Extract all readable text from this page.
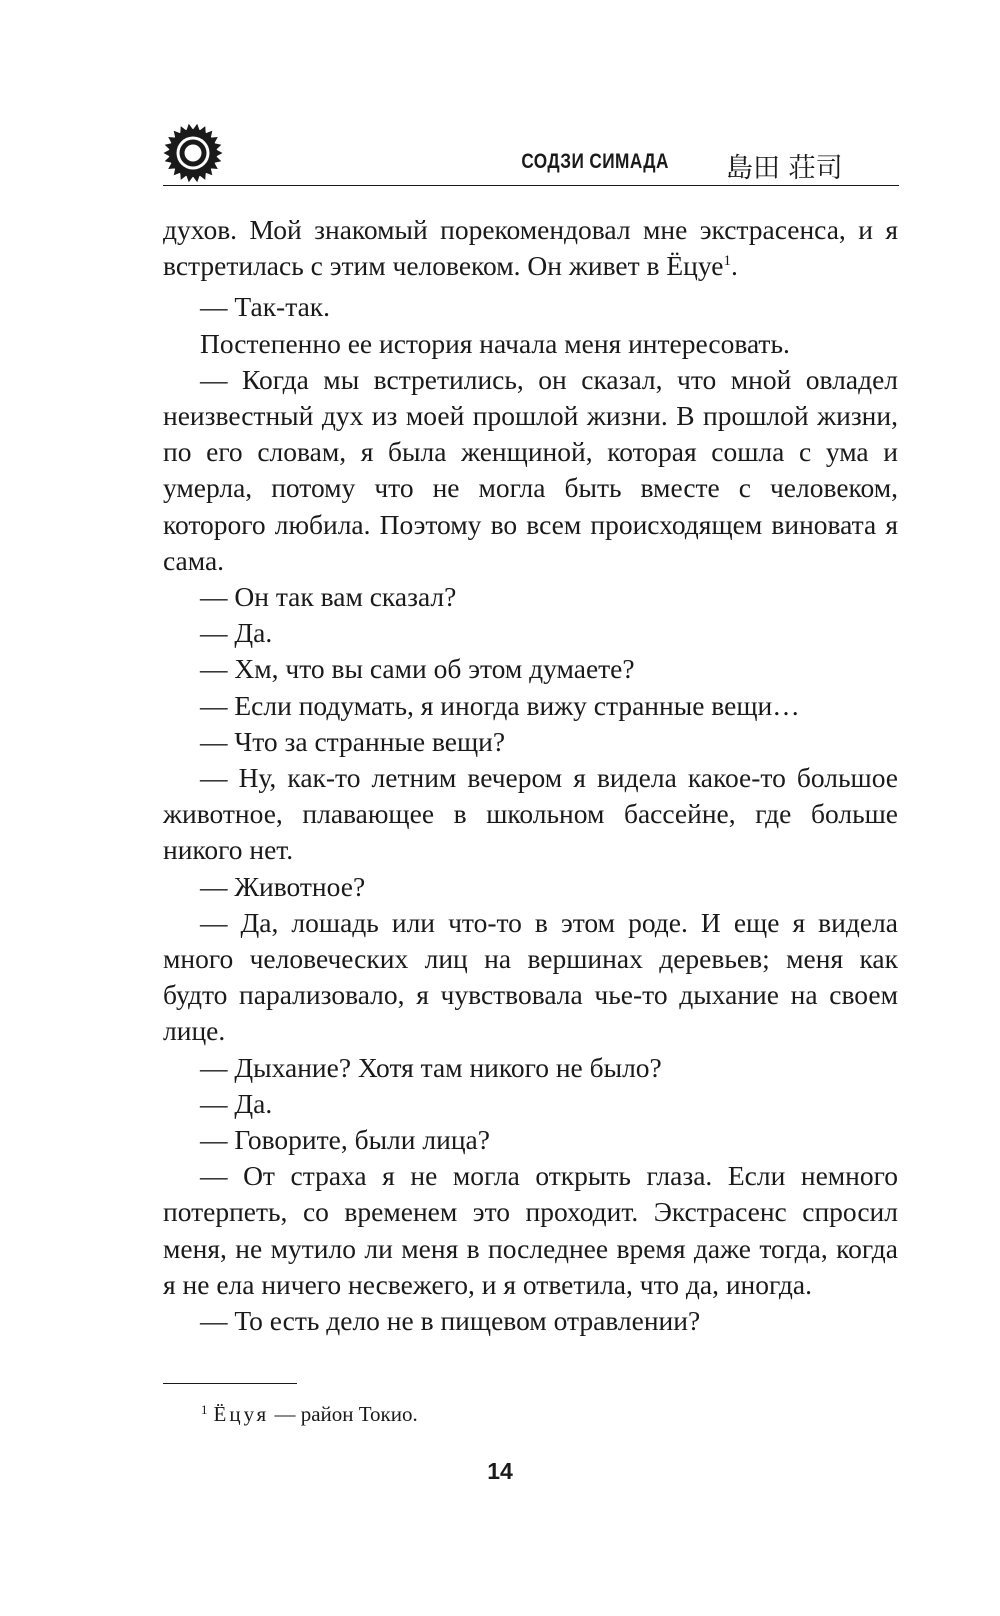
СОДЗИ СИМАДА 島田 荘司

духов. Мой знакомый порекомендовал мне экстрасенса, и я встретилась с этим человеком. Он живет в Ёцуе$^1$.

— Так-так.

Постепенно ее история начала меня интересовать.

— Когда мы встретились, он сказал, что мной овладел неизвестный дух из моей прошлой жизни. В прошлой жизни, по его словам, я была женщиной, которая сошла с ума и умерла, потому что не могла быть вместе с человеком, которого любила. Поэтому во всем происходящем виновата я сама.

— Он так вам сказал?

— Да.

— Хм, что вы сами об этом думаете?

— Если подумать, я иногда вижу странные вещи…

— Что за странные вещи?

— Ну, как-то летним вечером я видела какое-то большое животное, плавающее в школьном бассейне, где больше никого нет.

— Животное?

— Да, лошадь или что-то в этом роде. И еще я видела много человеческих лиц на вершинах деревьев; меня как будто парализовало, я чувствовала чье-то дыхание на своем лице.

— Дыхание? Хотя там никого не было?

— Да.

— Говорите, были лица?

— От страха я не могла открыть глаза. Если немного потерпеть, со временем это проходит. Экстрасенс спросил меня, не мутило ли меня в последнее время даже тогда, когда я не ела ничего несвежего, и я ответила, что да, иногда.

— То есть дело не в пищевом отравлении?

$^1$ Ёцуя — район Токио.
14
